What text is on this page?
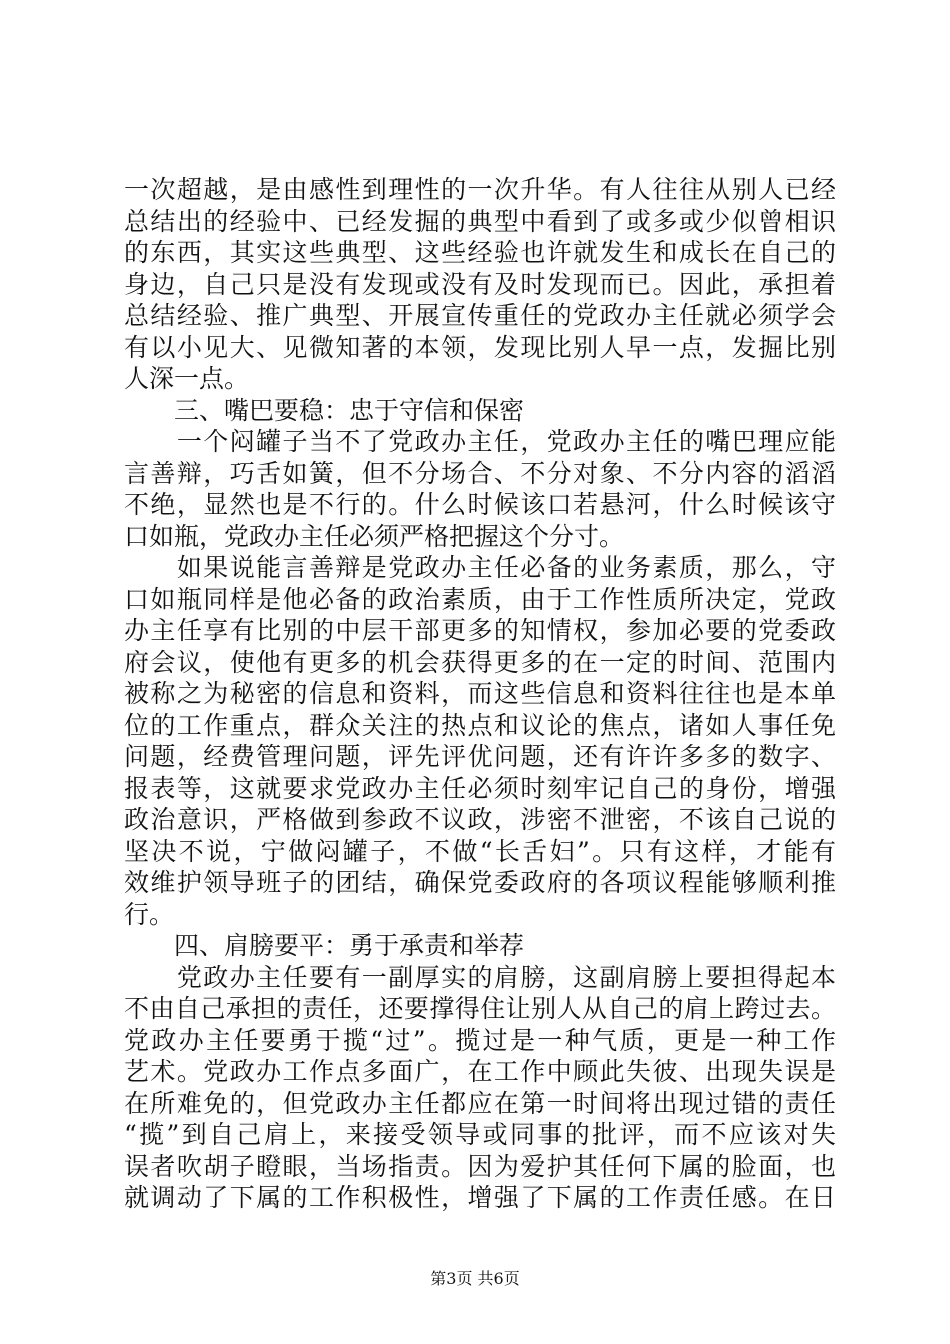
一次超越，是由感性到理性的一次升华。有人往往从别人已经
总结出的经验中、已经发掘的典型中看到了或多或少似曾相识
的东西，其实这些典型、这些经验也许就发生和成长在自己的
身边，自己只是没有发现或没有及时发现而已。因此，承担着
总结经验、推广典型、开展宣传重任的党政办主任就必须学会
有以小见大、见微知著的本领，发现比别人早一点，发掘比别
人深一点。
　　三、嘴巴要稳：忠于守信和保密
　　一个闷罐子当不了党政办主任，党政办主任的嘴巴理应能
言善辩，巧舌如簧，但不分场合、不分对象、不分内容的滔滔
不绝，显然也是不行的。什么时候该口若悬河，什么时候该守
口如瓶，党政办主任必须严格把握这个分寸。
　　如果说能言善辩是党政办主任必备的业务素质，那么，守
口如瓶同样是他必备的政治素质，由于工作性质所决定，党政
办主任享有比别的中层干部更多的知情权，参加必要的党委政
府会议，使他有更多的机会获得更多的在一定的时间、范围内
被称之为秘密的信息和资料，而这些信息和资料往往也是本单
位的工作重点，群众关注的热点和议论的焦点，诸如人事任免
问题，经费管理问题，评先评优问题，还有许许多多的数字、
报表等，这就要求党政办主任必须时刻牢记自己的身份，增强
政治意识，严格做到参政不议政，涉密不泄密，不该自己说的
坚决不说，宁做闷罐子，不做“长舌妇”。只有这样，才能有
效维护领导班子的团结，确保党委政府的各项议程能够顺利推
行。
　　四、肩膀要平：勇于承责和举荐
　　党政办主任要有一副厚实的肩膀，这副肩膀上要担得起本
不由自己承担的责任，还要撑得住让别人从自己的肩上跨过去。
党政办主任要勇于揽“过”。揽过是一种气质，更是一种工作
艺术。党政办工作点多面广，在工作中顾此失彼、出现失误是
在所难免的，但党政办主任都应在第一时间将出现过错的责任
“揽”到自己肩上，来接受领导或同事的批评，而不应该对失
误者吹胡子瞪眼，当场指责。因为爱护其任何下属的脸面，也
就调动了下属的工作积极性，增强了下属的工作责任感。在日
第3页 共6页
